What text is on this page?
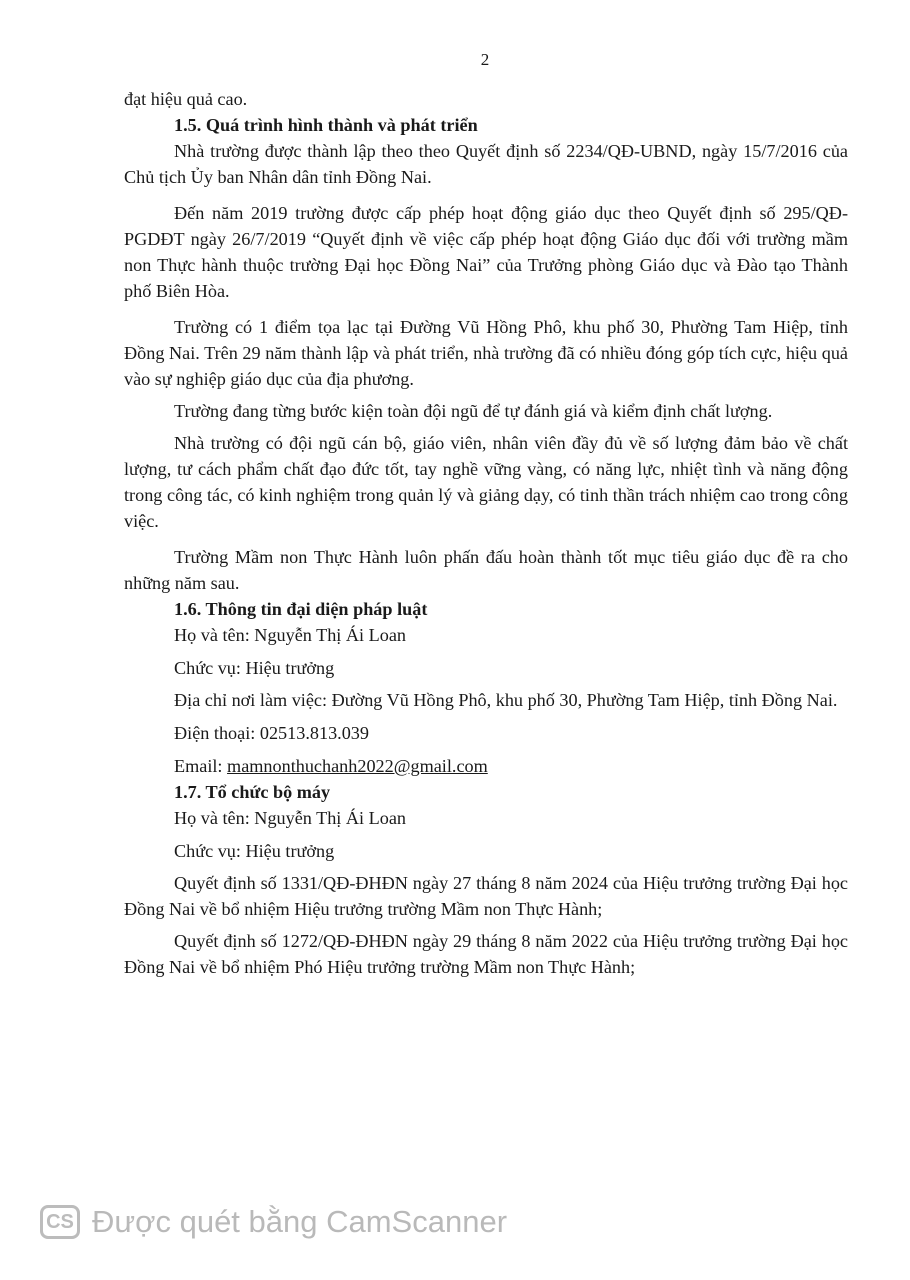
2

đạt hiệu quả cao.

1.5. Quá trình hình thành và phát triển

Nhà trường được thành lập theo theo Quyết định số 2234/QĐ-UBND, ngày 15/7/2016 của Chủ tịch Ủy ban Nhân dân tỉnh Đồng Nai.

Đến năm 2019 trường được cấp phép hoạt động giáo dục theo Quyết định số 295/QĐ-PGDĐT ngày 26/7/2019 “Quyết định về việc cấp phép hoạt động Giáo dục đối với trường mầm non Thực hành thuộc trường Đại học Đồng Nai” của Trưởng phòng Giáo dục và Đào tạo Thành phố Biên Hòa.

Trường có 1 điểm tọa lạc tại Đường Vũ Hồng Phô, khu phố 30, Phường Tam Hiệp, tỉnh Đồng Nai. Trên 29 năm thành lập và phát triển, nhà trường đã có nhiều đóng góp tích cực, hiệu quả vào sự nghiệp giáo dục của địa phương.

Trường đang từng bước kiện toàn đội ngũ để tự đánh giá và kiểm định chất lượng.

Nhà trường có đội ngũ cán bộ, giáo viên, nhân viên đầy đủ về số lượng đảm bảo về chất lượng, tư cách phẩm chất đạo đức tốt, tay nghề vững vàng, có năng lực, nhiệt tình và năng động trong công tác, có kinh nghiệm trong quản lý và giảng dạy, có tinh thần trách nhiệm cao trong công việc.

Trường Mầm non Thực Hành luôn phấn đấu hoàn thành tốt mục tiêu giáo dục đề ra cho những năm sau.

1.6. Thông tin đại diện pháp luật

Họ và tên: Nguyễn Thị Ái Loan

Chức vụ: Hiệu trưởng

Địa chỉ nơi làm việc: Đường Vũ Hồng Phô, khu phố 30, Phường Tam Hiệp, tỉnh Đồng Nai.

Điện thoại: 02513.813.039

Email: mamnonthuchanh2022@gmail.com

1.7. Tổ chức bộ máy

Họ và tên: Nguyễn Thị Ái Loan

Chức vụ: Hiệu trưởng

Quyết định số 1331/QĐ-ĐHĐN ngày 27 tháng 8 năm 2024 của Hiệu trưởng trường Đại học Đồng Nai về bổ nhiệm Hiệu trưởng trường Mầm non Thực Hành;

Quyết định số 1272/QĐ-ĐHĐN ngày 29 tháng 8 năm 2022 của Hiệu trưởng trường Đại học Đồng Nai về bổ nhiệm Phó Hiệu trưởng trường Mầm non Thực Hành;

CS Được quét bằng CamScanner
